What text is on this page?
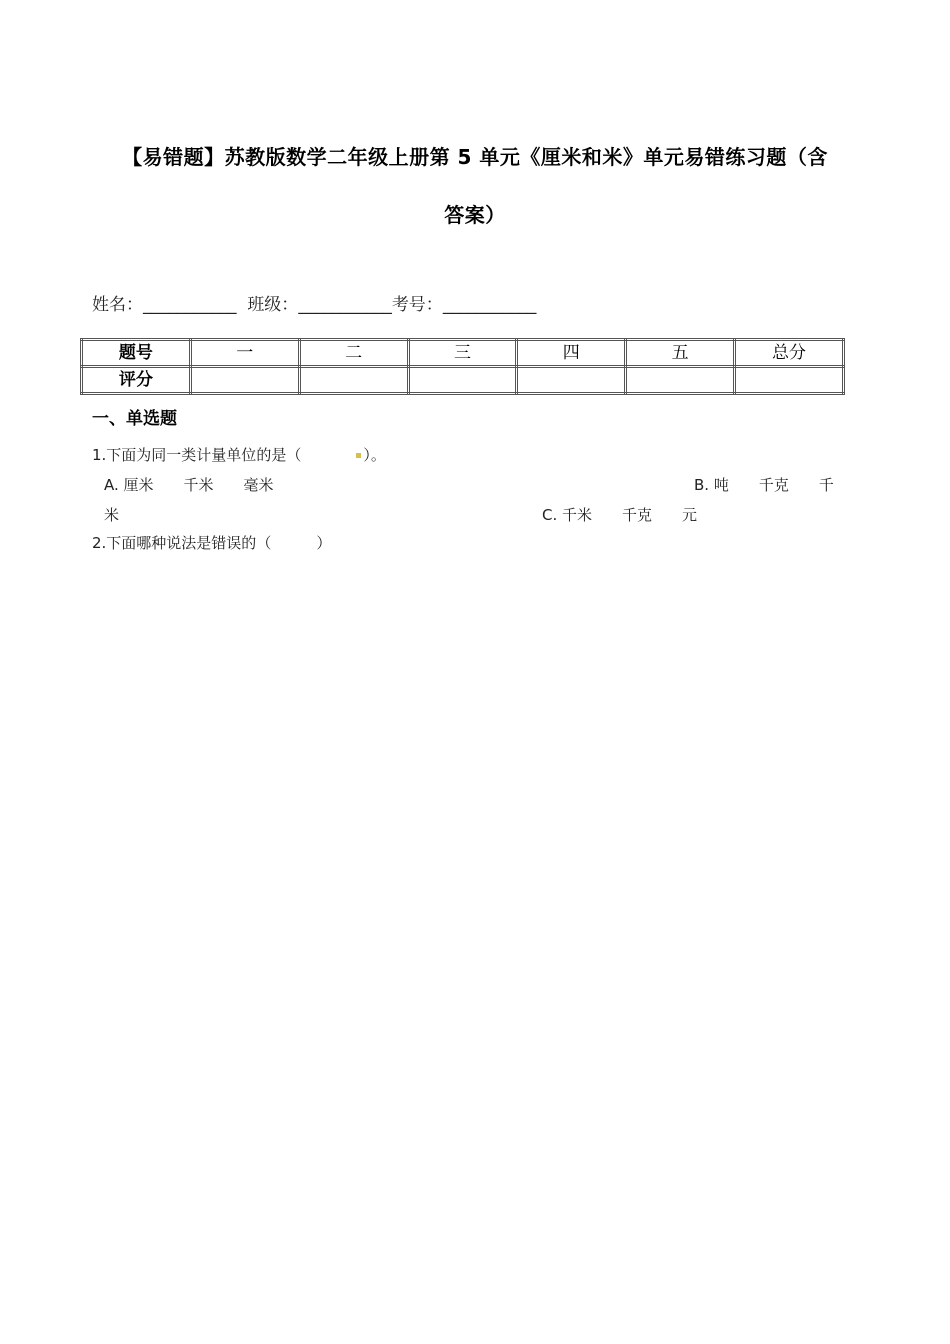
【易错题】苏教版数学二年级上册第 5 单元《厘米和米》单元易错练习题（含
答案）
姓名：___________ 班级：___________考号：___________
题号	一	二	三	四	五	总分
评分						
一、单选题
1.下面为同一类计量单位的是（	）。
A. 厘米　　千米　　毫米	B. 吨　　千克　　千
米	C. 千米　　千克　　元
2.下面哪种说法是错误的（　　　）
